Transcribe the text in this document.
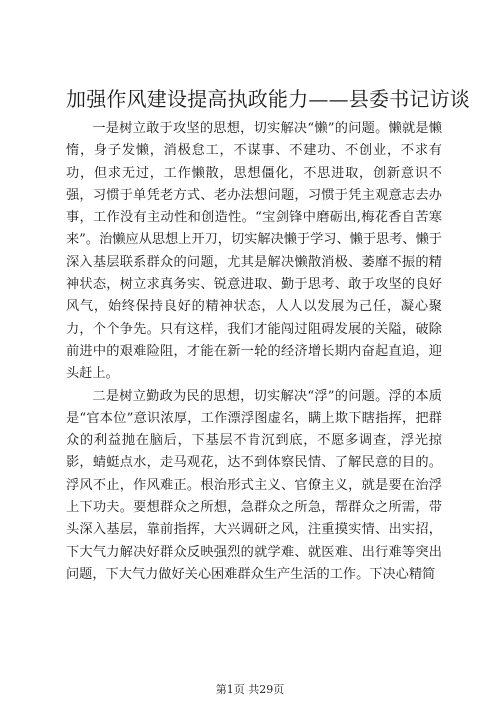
加强作风建设提高执政能力——县委书记访谈

一是树立敢于攻坚的思想，切实解决“懒”的问题。懒就是懒惰，身子发懒，消极怠工，不谋事、不建功、不创业，不求有功，但求无过，工作懒散，思想僵化，不思进取，创新意识不强，习惯于单凭老方式、老办法想问题，习惯于凭主观意志去办事，工作没有主动性和创造性。“宝剑锋中磨砺出,梅花香自苦寒来”。治懒应从思想上开刀，切实解决懒于学习、懒于思考、懒于深入基层联系群众的问题，尤其是解决懒散消极、萎靡不振的精神状态，树立求真务实、锐意进取、勤于思考、敢于攻坚的良好风气，始终保持良好的精神状态，人人以发展为己任，凝心聚力，个个争先。只有这样，我们才能闯过阻碍发展的关隘，破除前进中的艰难险阻，才能在新一轮的经济增长期内奋起直追，迎头赶上。

二是树立勤政为民的思想，切实解决“浮”的问题。浮的本质是“官本位”意识浓厚，工作漂浮图虚名，瞒上欺下瞎指挥，把群众的利益抛在脑后，下基层不肯沉到底，不愿多调查，浮光掠影，蜻蜓点水，走马观花，达不到体察民情、了解民意的目的。浮风不止，作风难正。根治形式主义、官僚主义，就是要在治浮上下功夫。要想群众之所想，急群众之所急，帮群众之所需，带头深入基层，靠前指挥，大兴调研之风，注重摸实情、出实招，下大气力解决好群众反映强烈的就学难、就医难、出行难等突出问题，下大气力做好关心困难群众生产生活的工作。下决心精简

第1页 共29页
